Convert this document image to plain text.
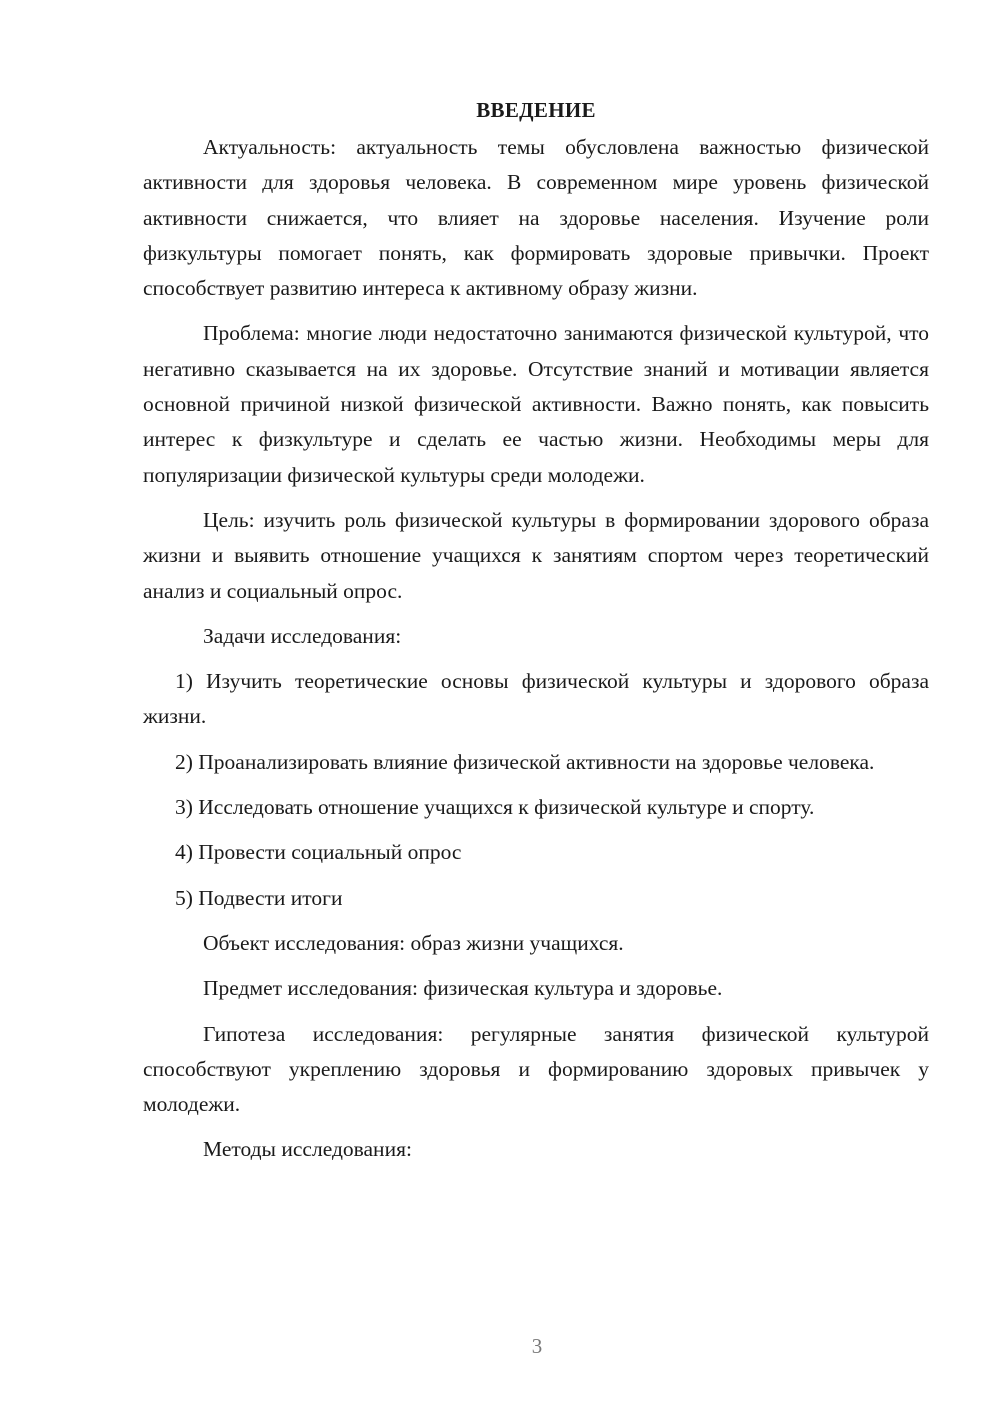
ВВЕДЕНИЕ

Актуальность: актуальность темы обусловлена важностью физической активности для здоровья человека. В современном мире уровень физической активности снижается, что влияет на здоровье населения. Изучение роли физкультуры помогает понять, как формировать здоровые привычки. Проект способствует развитию интереса к активному образу жизни.

Проблема: многие люди недостаточно занимаются физической культурой, что негативно сказывается на их здоровье. Отсутствие знаний и мотивации является основной причиной низкой физической активности. Важно понять, как повысить интерес к физкультуре и сделать ее частью жизни. Необходимы меры для популяризации физической культуры среди молодежи.

Цель: изучить роль физической культуры в формировании здорового образа жизни и выявить отношение учащихся к занятиям спортом через теоретический анализ и социальный опрос.

Задачи исследования:

1) Изучить теоретические основы физической культуры и здорового образа жизни.

2) Проанализировать влияние физической активности на здоровье человека.

3) Исследовать отношение учащихся к физической культуре и спорту.

4) Провести социальный опрос

5) Подвести итоги

Объект исследования: образ жизни учащихся.

Предмет исследования: физическая культура и здоровье.

Гипотеза исследования: регулярные занятия физической культурой способствуют укреплению здоровья и формированию здоровых привычек у молодежи.

Методы исследования:

3
